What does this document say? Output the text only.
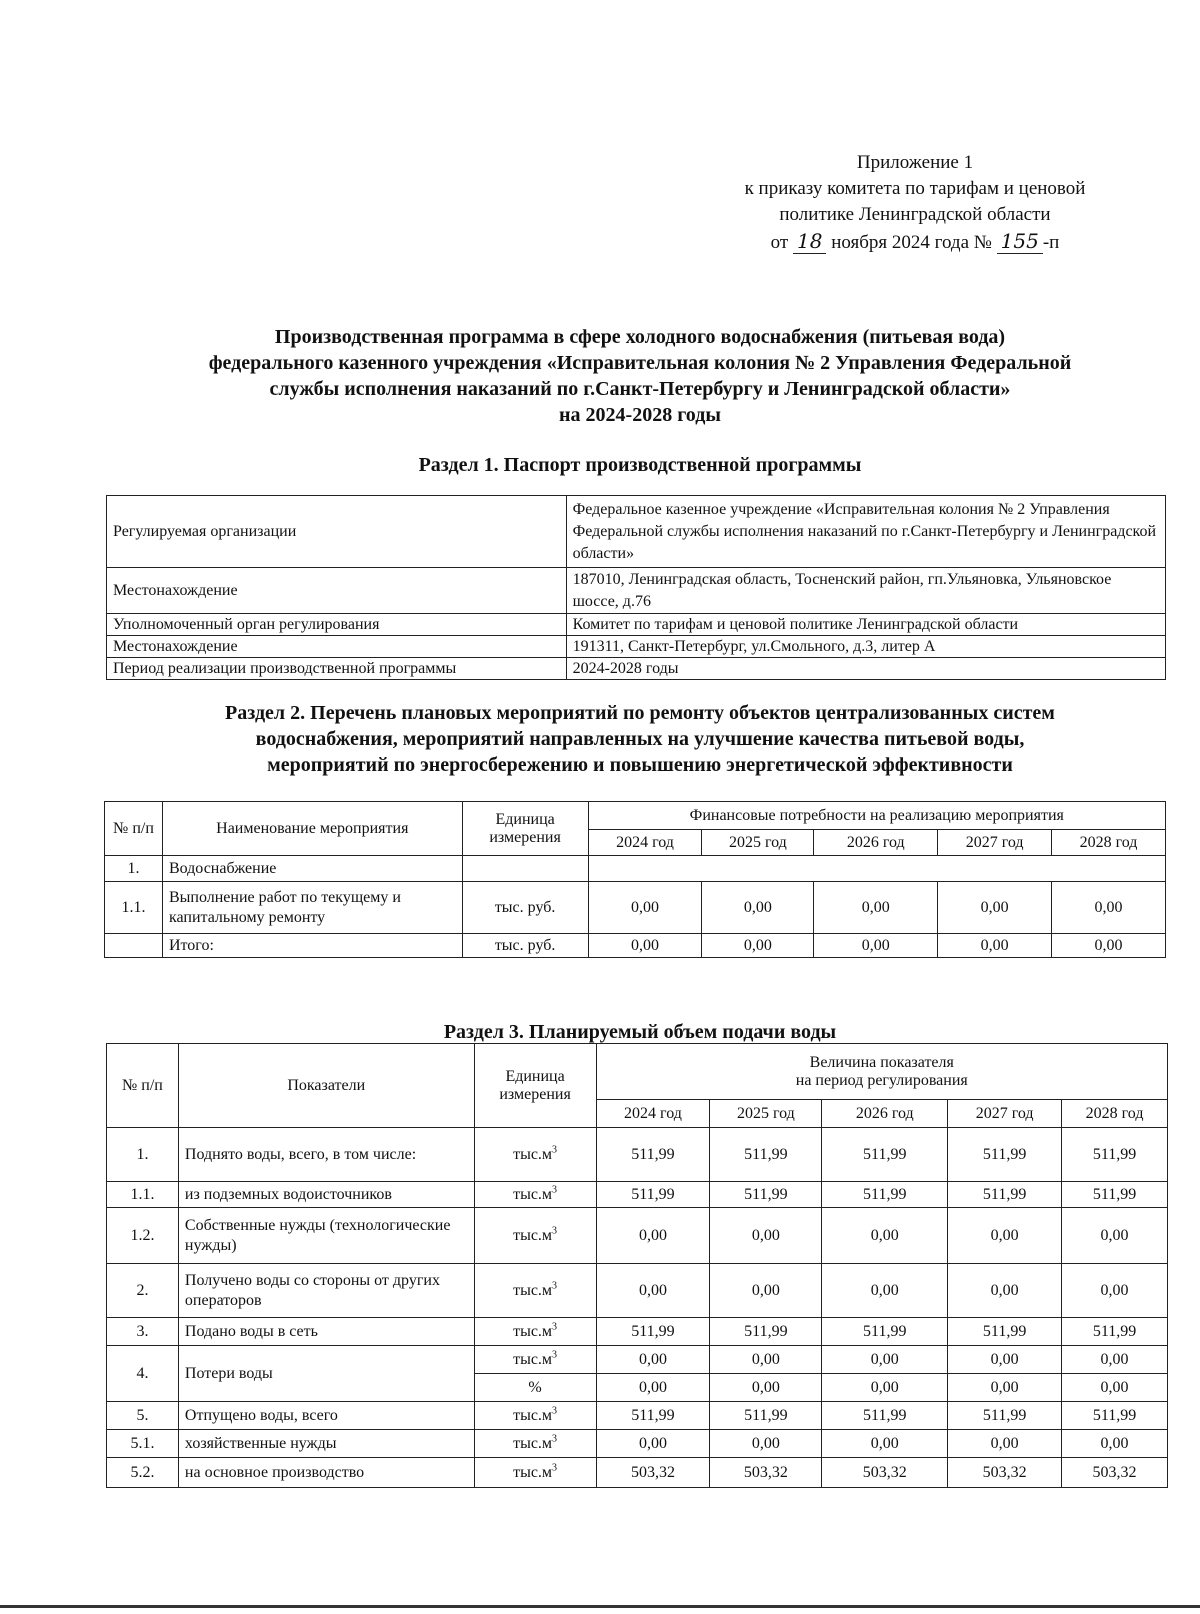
Приложение 1
к приказу комитета по тарифам и ценовой
политике Ленинградской области
от 18 ноября 2024 года № 155 -п
Производственная программа в сфере холодного водоснабжения (питьевая вода)
федерального казенного учреждения «Исправительная колония № 2 Управления Федеральной
службы исполнения наказаний по г.Санкт-Петербургу и Ленинградской области»
на 2024-2028 годы
Раздел 1. Паспорт производственной программы
Регулируемая организации	Федеральное казенное учреждение «Исправительная колония № 2 Управления Федеральной службы исполнения наказаний по г.Санкт-Петербургу и Ленинградской области»
Местонахождение	187010, Ленинградская область, Тосненский район, гп.Ульяновка, Ульяновское шоссе, д.76
Уполномоченный орган регулирования	Комитет по тарифам и ценовой политике Ленинградской области
Местонахождение	191311, Санкт-Петербург, ул.Смольного, д.3, литер А
Период реализации производственной программы	2024-2028 годы
Раздел 2. Перечень плановых мероприятий по ремонту объектов централизованных систем
водоснабжения, мероприятий направленных на улучшение качества питьевой воды,
мероприятий по энергосбережению и повышению энергетической эффективности
№ п/п	Наименование мероприятия	Единица измерения	Финансовые потребности на реализацию мероприятия				
			2024 год	2025 год	2026 год	2027 год	2028 год
1.	Водоснабжение						
1.1.	Выполнение работ по текущему и капитальному ремонту	тыс. руб.	0,00	0,00	0,00	0,00	0,00
	Итого:	тыс. руб.	0,00	0,00	0,00	0,00	0,00
Раздел 3. Планируемый объем подачи воды
№ п/п	Показатели	Единица измерения	Величина показателя
на период регулирования				

			2024 год	2025 год	2026 год	2027 год	2028 год
1.	Поднято воды, всего, в том числе:	$тыс.м^3$	511,99	511,99	511,99	511,99	511,99
1.1.	из подземных водоисточников	$тыс.м^3$	511,99	511,99	511,99	511,99	511,99
1.2.	Собственные нужды (технологические нужды)	$тыс.м^3$	0,00	0,00	0,00	0,00	0,00
2.	Получено воды со стороны от других операторов	$тыс.м^3$	0,00	0,00	0,00	0,00	0,00
3.	Подано воды в сеть	$тыс.м^3$	511,99	511,99	511,99	511,99	511,99
4.	Потери воды	$тыс.м^3$	0,00	0,00	0,00	0,00	0,00
		%	0,00	0,00	0,00	0,00	0,00
5.	Отпущено воды, всего	$тыс.м^3$	511,99	511,99	511,99	511,99	511,99
5.1.	хозяйственные нужды	$тыс.м^3$	0,00	0,00	0,00	0,00	0,00
5.2.	на основное производство	$тыс.м^3$	503,32	503,32	503,32	503,32	503,32
